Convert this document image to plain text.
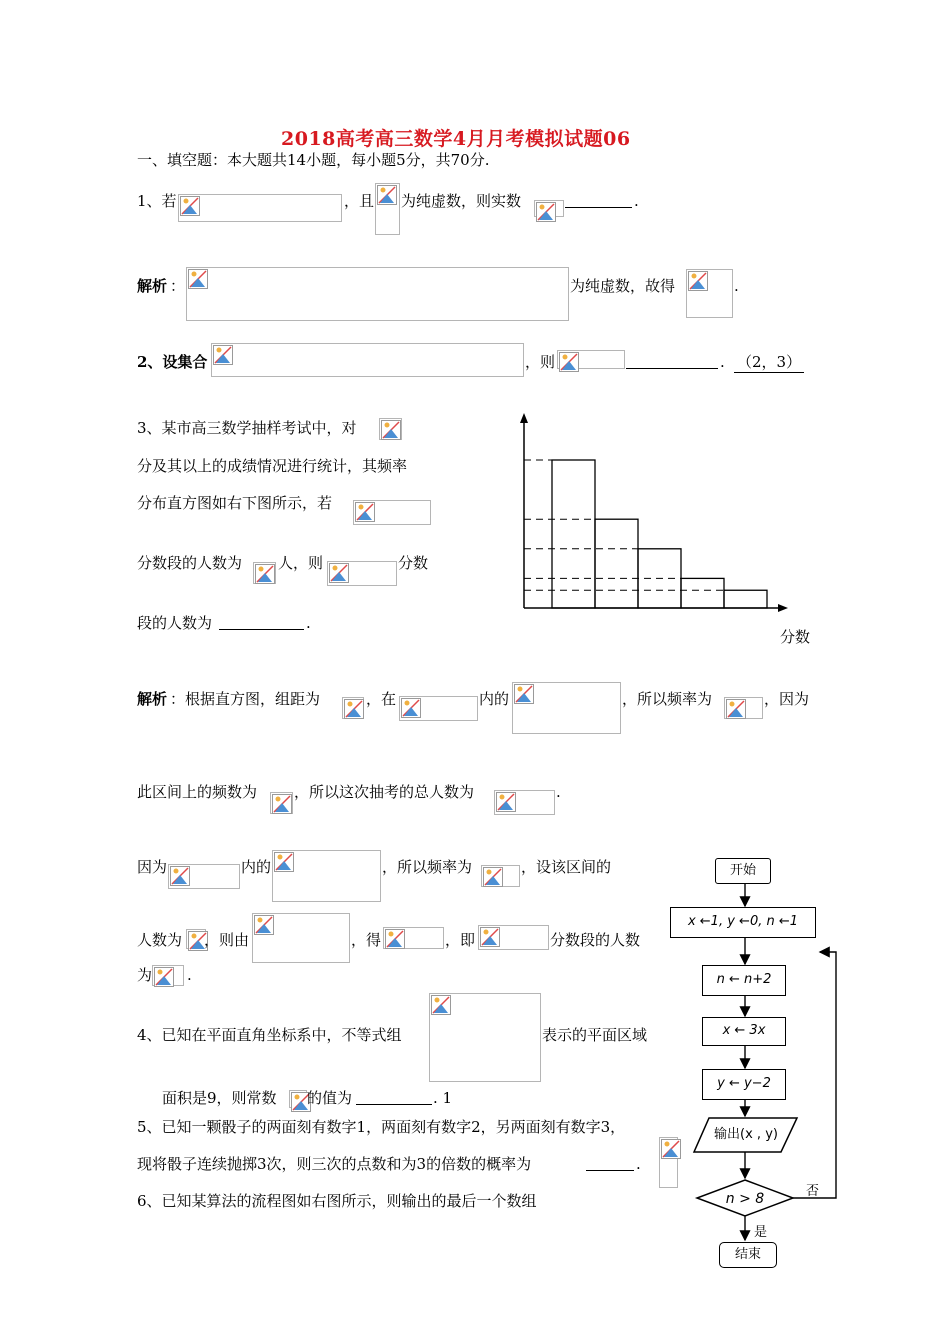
2018高考高三数学4月月考模拟试题06
一、填空题：本大题共14小题，每小题5分，共70分.
1、若	，且 为纯虚数，则实数	.
解析 ：	为纯虚数，故得	.
2、设集合	，则	. （2，3）
3、某市高三数学抽样考试中，对
分及其以上的成绩情况进行统计，其频率
分布直方图如右下图所示，若
分数段的人数为 人，则	分数
段的人数为	.
分数
解析 ：根据直方图，组距为	，在	内的	，所以频率为	，因为
此区间上的频数为 ，所以这次抽考的总人数为	.
因为	内的	，所以频率为	，设该区间的
人数为 ，则由	，得	，即	分数段的人数
为 .
4、已知在平面直角坐标系中，不等式组	表示的平面区域
面积是9，则常数 的值为	. 1
5、已知一颗骰子的两面刻有数字1，两面刻有数字2，另两面刻有数字3，
现将骰子连续抛掷3次，则三次的点数和为3的倍数的概率为	.
6、已知某算法的流程图如右图所示，则输出的最后一个数组
开始
x ←1, y ←0, n ←1
n ← n+2
x ← 3x
y ← y−2
输出(x , y)
n > 8	否
是
结束
